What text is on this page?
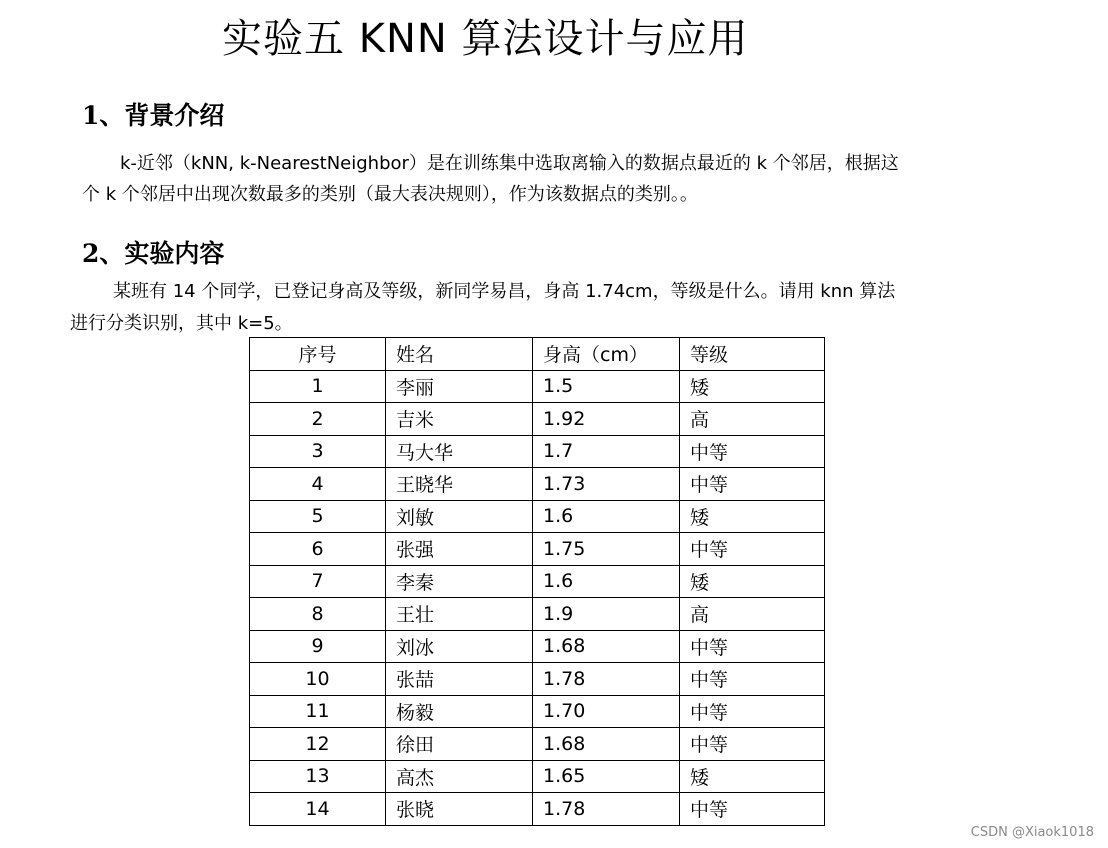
实验五 KNN 算法设计与应用
1、背景介绍
k-近邻（kNN, k-NearestNeighbor）是在训练集中选取离输入的数据点最近的 k 个邻居，根据这
个 k 个邻居中出现次数最多的类别（最大表决规则），作为该数据点的类别。。
2、实验内容
某班有 14 个同学，已登记身高及等级，新同学易昌，身高 1.74cm，等级是什么。请用 knn 算法
进行分类识别，其中 k=5。
序号	姓名	身高（cm）	等级
1	李丽	1.5	矮
2	吉米	1.92	高
3	马大华	1.7	中等
4	王晓华	1.73	中等
5	刘敏	1.6	矮
6	张强	1.75	中等
7	李秦	1.6	矮
8	王壮	1.9	高
9	刘冰	1.68	中等
10	张喆	1.78	中等
11	杨毅	1.70	中等
12	徐田	1.68	中等
13	高杰	1.65	矮
14	张晓	1.78	中等
CSDN @Xiaok1018
